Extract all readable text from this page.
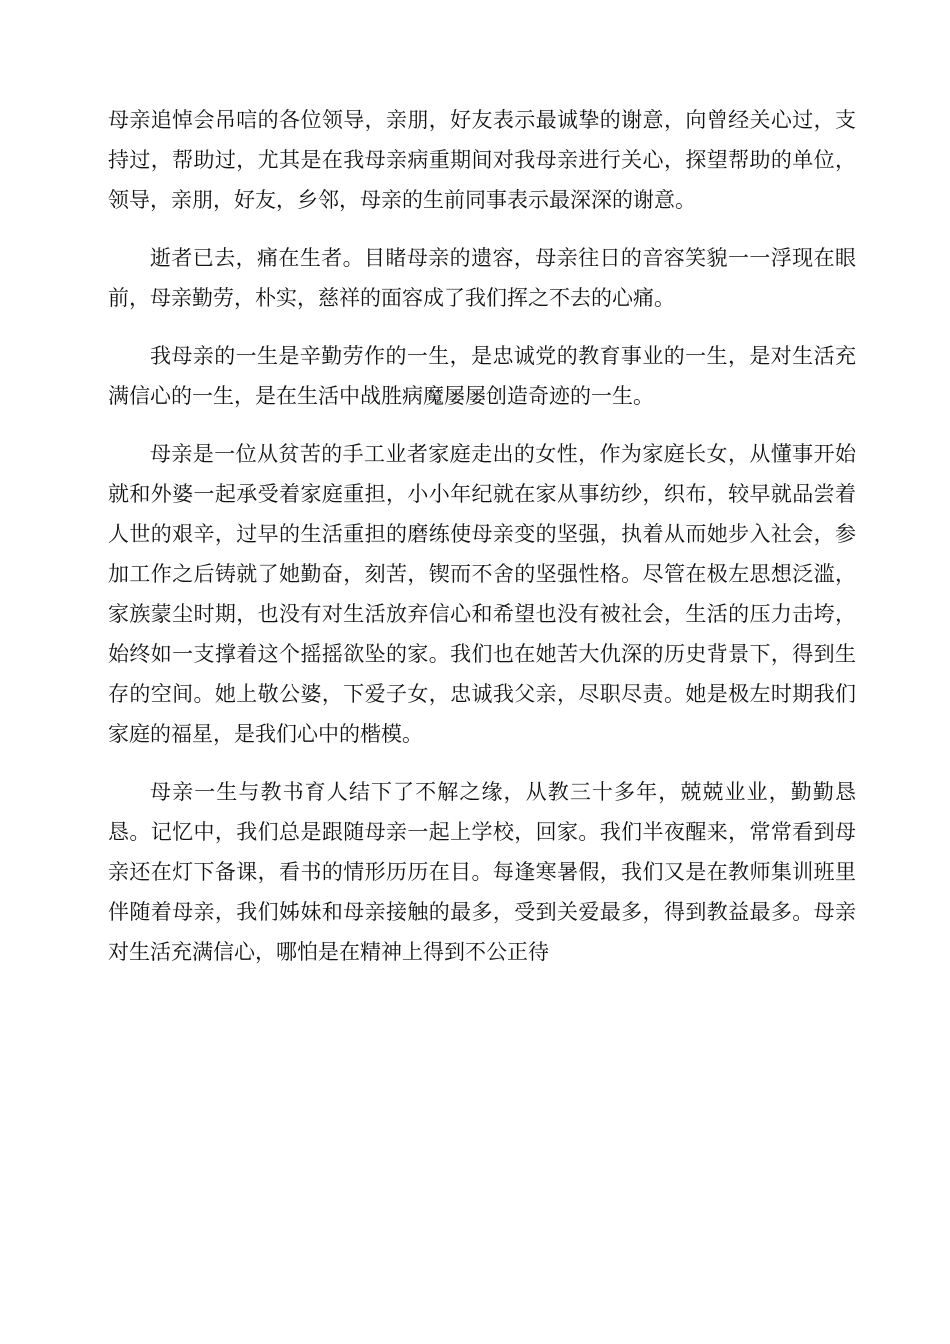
母亲追悼会吊唁的各位领导，亲朋，好友表示最诚挚的谢意，向曾经关心过，支持过，帮助过，尤其是在我母亲病重期间对我母亲进行关心，探望帮助的单位，领导，亲朋，好友，乡邻，母亲的生前同事表示最深深的谢意。

逝者已去，痛在生者。目睹母亲的遗容，母亲往日的音容笑貌一一浮现在眼前，母亲勤劳，朴实，慈祥的面容成了我们挥之不去的心痛。

我母亲的一生是辛勤劳作的一生，是忠诚党的教育事业的一生，是对生活充满信心的一生，是在生活中战胜病魔屡屡创造奇迹的一生。

母亲是一位从贫苦的手工业者家庭走出的女性，作为家庭长女，从懂事开始就和外婆一起承受着家庭重担，小小年纪就在家从事纺纱，织布，较早就品尝着人世的艰辛，过早的生活重担的磨练使母亲变的坚强，执着从而她步入社会，参加工作之后铸就了她勤奋，刻苦，锲而不舍的坚强性格。尽管在极左思想泛滥，家族蒙尘时期，也没有对生活放弃信心和希望也没有被社会，生活的压力击垮，始终如一支撑着这个摇摇欲坠的家。我们也在她苦大仇深的历史背景下，得到生存的空间。她上敬公婆，下爱子女，忠诚我父亲，尽职尽责。她是极左时期我们家庭的福星，是我们心中的楷模。

母亲一生与教书育人结下了不解之缘，从教三十多年，兢兢业业，勤勤恳恳。记忆中，我们总是跟随母亲一起上学校，回家。我们半夜醒来，常常看到母亲还在灯下备课，看书的情形历历在目。每逢寒暑假，我们又是在教师集训班里伴随着母亲，我们姊妹和母亲接触的最多，受到关爱最多，得到教益最多。母亲对生活充满信心，哪怕是在精神上得到不公正待
